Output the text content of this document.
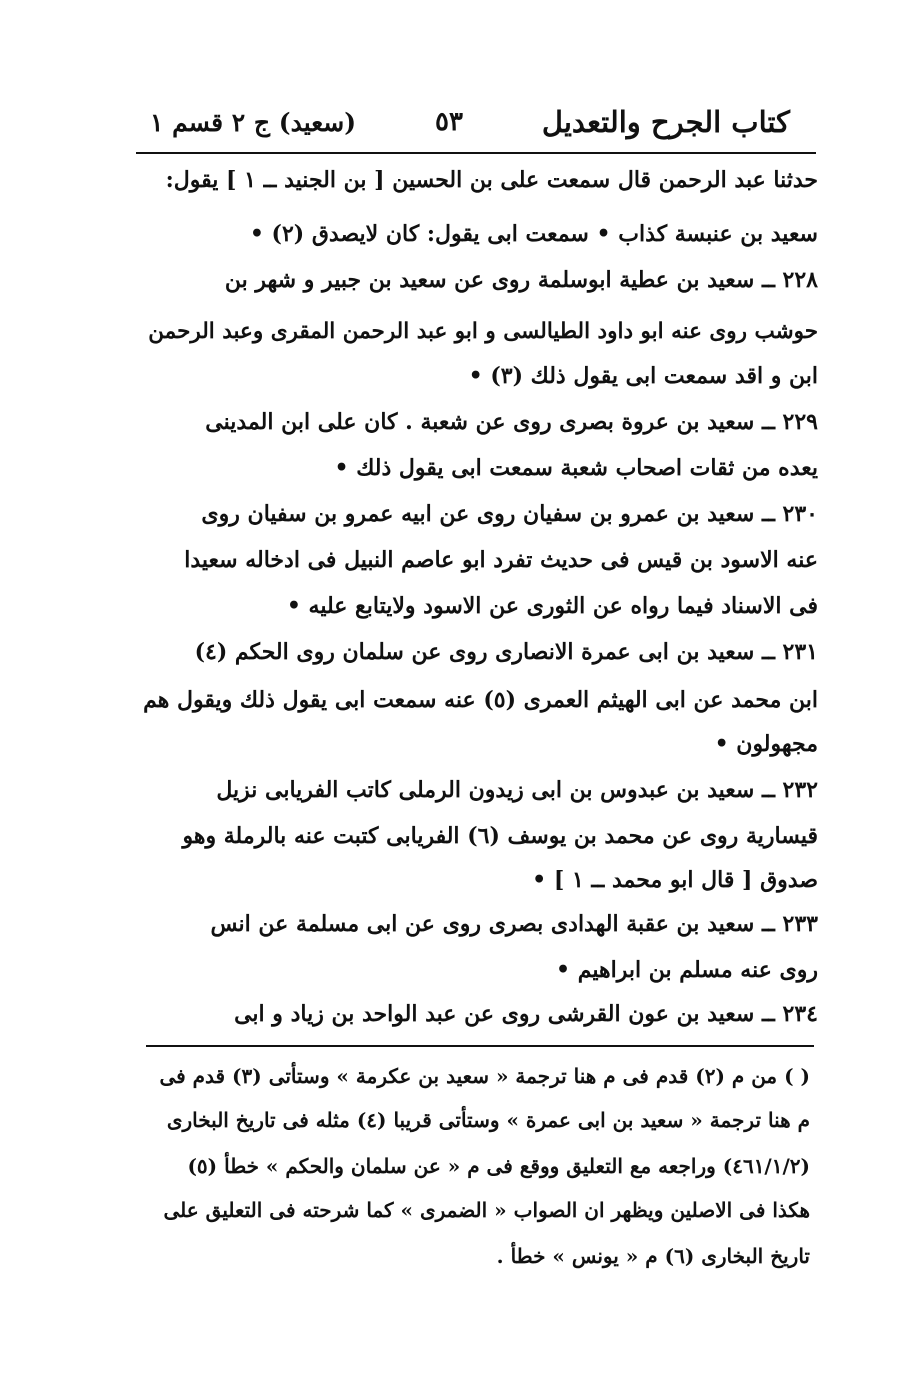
كتاب الجرح والتعديل
٥٣
(سعيد) ج ٢ قسم ١
حدثنا عبد الرحمن قال سمعت على بن الحسين [ بن الجنيد ــ ١ ] يقول:
سعيد بن عنبسة كذاب • سمعت ابى يقول: كان لايصدق (٢) •
٢٢٨ ــ سعيد بن عطية ابوسلمة روى عن سعيد بن جبير و شهر بن
حوشب روى عنه ابو داود الطيالسى و ابو عبد الرحمن المقرى وعبد الرحمن
ابن و اقد سمعت ابى يقول ذلك (٣) •
٢٢٩ ــ سعيد بن عروة بصرى روى عن شعبة . كان على ابن المدينى
يعده من ثقات اصحاب شعبة سمعت ابى يقول ذلك •
٢٣٠ ــ سعيد بن عمرو بن سفيان روى عن ابيه عمرو بن سفيان روى
عنه الاسود بن قيس فى حديث تفرد ابو عاصم النبيل فى ادخاله سعيدا
فى الاسناد فيما رواه عن الثورى عن الاسود ولايتابع عليه •
٢٣١ ــ سعيد بن ابى عمرة الانصارى روى عن سلمان روى الحكم (٤)
ابن محمد عن ابى الهيثم العمرى (٥) عنه سمعت ابى يقول ذلك ويقول هم
مجهولون •
٢٣٢ ــ سعيد بن عبدوس بن ابى زيدون الرملى كاتب الفريابى نزيل
قيسارية روى عن محمد بن يوسف (٦) الفريابى كتبت عنه بالرملة وهو
صدوق [ قال ابو محمد ــ ١ ] •
٢٣٣ ــ سعيد بن عقبة الهدادى بصرى روى عن ابى مسلمة عن انس
روى عنه مسلم بن ابراهيم •
٢٣٤ ــ سعيد بن عون القرشى روى عن عبد الواحد بن زياد و ابى
( ) من م (٢) قدم فى م هنا ترجمة « سعيد بن عكرمة » وستأتى (٣) قدم فى
م هنا ترجمة « سعيد بن ابى عمرة » وستأتى قريبا (٤) مثله فى تاريخ البخارى
(٤٦١/١/٢) وراجعه مع التعليق ووقع فى م « عن سلمان والحكم » خطأ (٥)
هكذا فى الاصلين ويظهر ان الصواب « الضمرى » كما شرحته فى التعليق على
تاريخ البخارى (٦) م « يونس » خطأ .
